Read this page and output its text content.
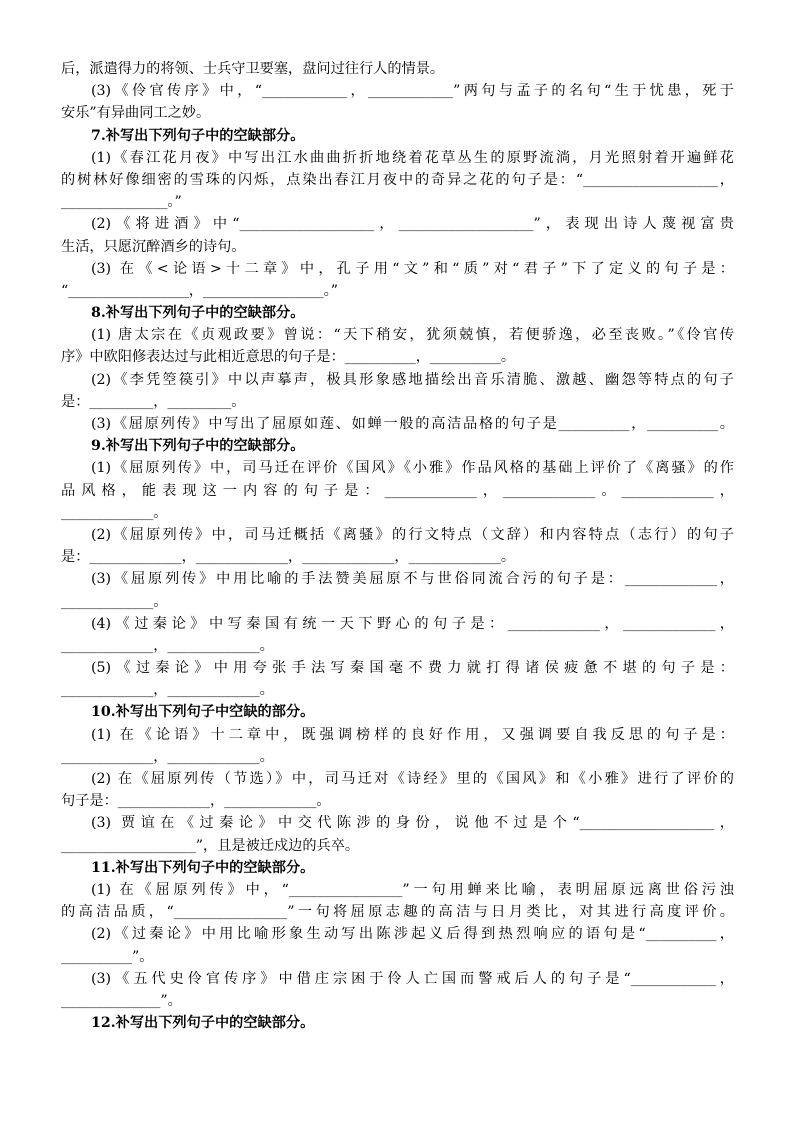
后，派遣得力的将领、士兵守卫要塞，盘问过往行人的情景。
(3)《伶官传序》中，“____________，____________”两句与孟子的名句“生于忧患，死于
安乐”有异曲同工之妙。
7.补写出下列句子中的空缺部分。
(1)《春江花月夜》中写出江水曲曲折折地绕着花草丛生的原野流淌，月光照射着开遍鲜花
的树林好像细密的雪珠的闪烁，点染出春江月夜中的奇异之花的句子是：“___________________，
_______________。”
(2)《将进酒》中“___________________，___________________”，表现出诗人蔑视富贵
生活，只愿沉醉酒乡的诗句。
(3) 在《<论语>十二章》中，孔子用“文”和“质”对“君子”下了定义的句子是：
“_________________，_________________。”
8.补写出下列句子中的空缺部分。
(1) 唐太宗在《贞观政要》曾说：“天下稍安，犹须兢慎，若便骄逸，必至丧败。”《伶官传
序》中欧阳修表达过与此相近意思的句子是：__________，__________。
(2)《李凭箜篌引》中以声摹声，极具形象感地描绘出音乐清脆、激越、幽怨等特点的句子
是：_________，_________。
(3)《屈原列传》中写出了屈原如莲、如蝉一般的高洁品格的句子是__________，__________。
9.补写出下列句子中的空缺部分。
(1)《屈原列传》中，司马迁在评价《国风》《小雅》作品风格的基础上评价了《离骚》的作
品风格，能表现这一内容的句子是：_____________，_____________。_____________，
_____________。
(2)《屈原列传》中，司马迁概括《离骚》的行文特点（文辞）和内容特点（志行）的句子
是：_____________，_____________，_____________，_____________。
(3)《屈原列传》中用比喻的手法赞美屈原不与世俗同流合污的句子是：_____________，
_____________。
(4)《过秦论》中写秦国有统一天下野心的句子是：_____________，_____________，
_____________，_____________。
(5)《过秦论》中用夸张手法写秦国毫不费力就打得诸侯疲惫不堪的句子是：
_____________，_____________。
10.补写出下列句子中空缺的部分。
(1) 在《论语》十二章中，既强调榜样的良好作用，又强调要自我反思的句子是：
_____________，_____________。
(2) 在《屈原列传（节选）》中，司马迁对《诗经》里的《国风》和《小雅》进行了评价的
句子是：_____________，_____________。
(3) 贾谊在《过秦论》中交代陈涉的身份，说他不过是个“___________________，
___________________”，且是被迁戍边的兵卒。
11.补写出下列句子中的空缺部分。
(1) 在《屈原列传》中，“________________”一句用蝉来比喻，表明屈原远离世俗污浊
的高洁品质，“________________”一句将屈原志趣的高洁与日月类比，对其进行高度评价。
(2)《过秦论》中用比喻形象生动写出陈涉起义后得到热烈响应的语句是“__________，
__________”。
(3)《五代史伶官传序》中借庄宗困于伶人亡国而警戒后人的句子是“____________，
______________”。
12.补写出下列句子中的空缺部分。
